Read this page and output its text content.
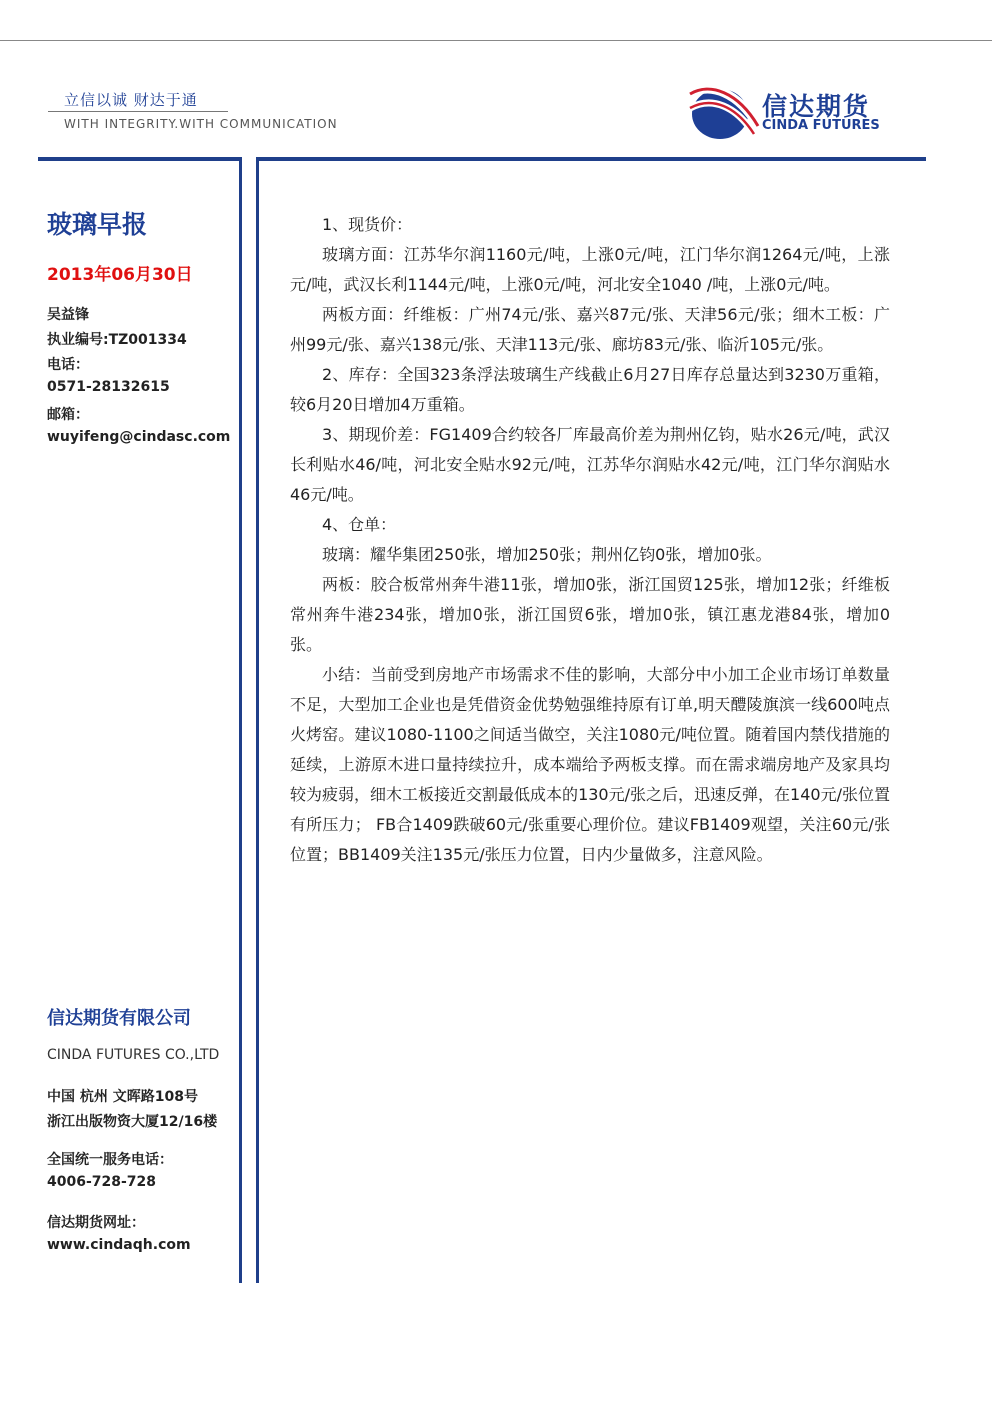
立信以诚 财达于通
WITH INTEGRITY.WITH COMMUNICATION
信达期货
CINDA FUTURES
玻璃早报
2013年06月30日
吴益锋
执业编号:TZ001334
电话：
0571-28132615
邮箱：
wuyifeng@cindasc.com
信达期货有限公司
CINDA FUTURES CO.,LTD
中国 杭州 文晖路108号
浙江出版物资大厦12/16楼
全国统一服务电话：
4006-728-728
信达期货网址：
www.cindaqh.com

1、现货价：

玻璃方面：江苏华尔润1160元/吨，上涨0元/吨，江门华尔润1264元/吨，上涨元/吨，武汉长利1144元/吨，上涨0元/吨，河北安全1040 /吨，上涨0元/吨。

两板方面：纤维板：广州74元/张、嘉兴87元/张、天津56元/张；细木工板：广州99元/张、嘉兴138元/张、天津113元/张、廊坊83元/张、临沂105元/张。

2、库存：全国323条浮法玻璃生产线截止6月27日库存总量达到3230万重箱，较6月20日增加4万重箱。

3、期现价差：FG1409合约较各厂库最高价差为荆州亿钧，贴水26元/吨，武汉长利贴水46/吨，河北安全贴水92元/吨，江苏华尔润贴水42元/吨，江门华尔润贴水46元/吨。

4、仓单：

玻璃：耀华集团250张，增加250张；荆州亿钧0张，增加0张。

两板：胶合板常州奔牛港11张，增加0张，浙江国贸125张，增加12张；纤维板常州奔牛港234张，增加0张，浙江国贸6张，增加0张，镇江惠龙港84张，增加0张。

小结：当前受到房地产市场需求不佳的影响，大部分中小加工企业市场订单数量不足，大型加工企业也是凭借资金优势勉强维持原有订单,明天醴陵旗滨一线600吨点火烤窑。建议1080-1100之间适当做空，关注1080元/吨位置。随着国内禁伐措施的延续，上游原木进口量持续拉升，成本端给予两板支撑。而在需求端房地产及家具均较为疲弱，细木工板接近交割最低成本的130元/张之后，迅速反弹，在140元/张位置有所压力； FB合1409跌破60元/张重要心理价位。建议FB1409观望，关注60元/张位置；BB1409关注135元/张压力位置，日内少量做多，注意风险。
